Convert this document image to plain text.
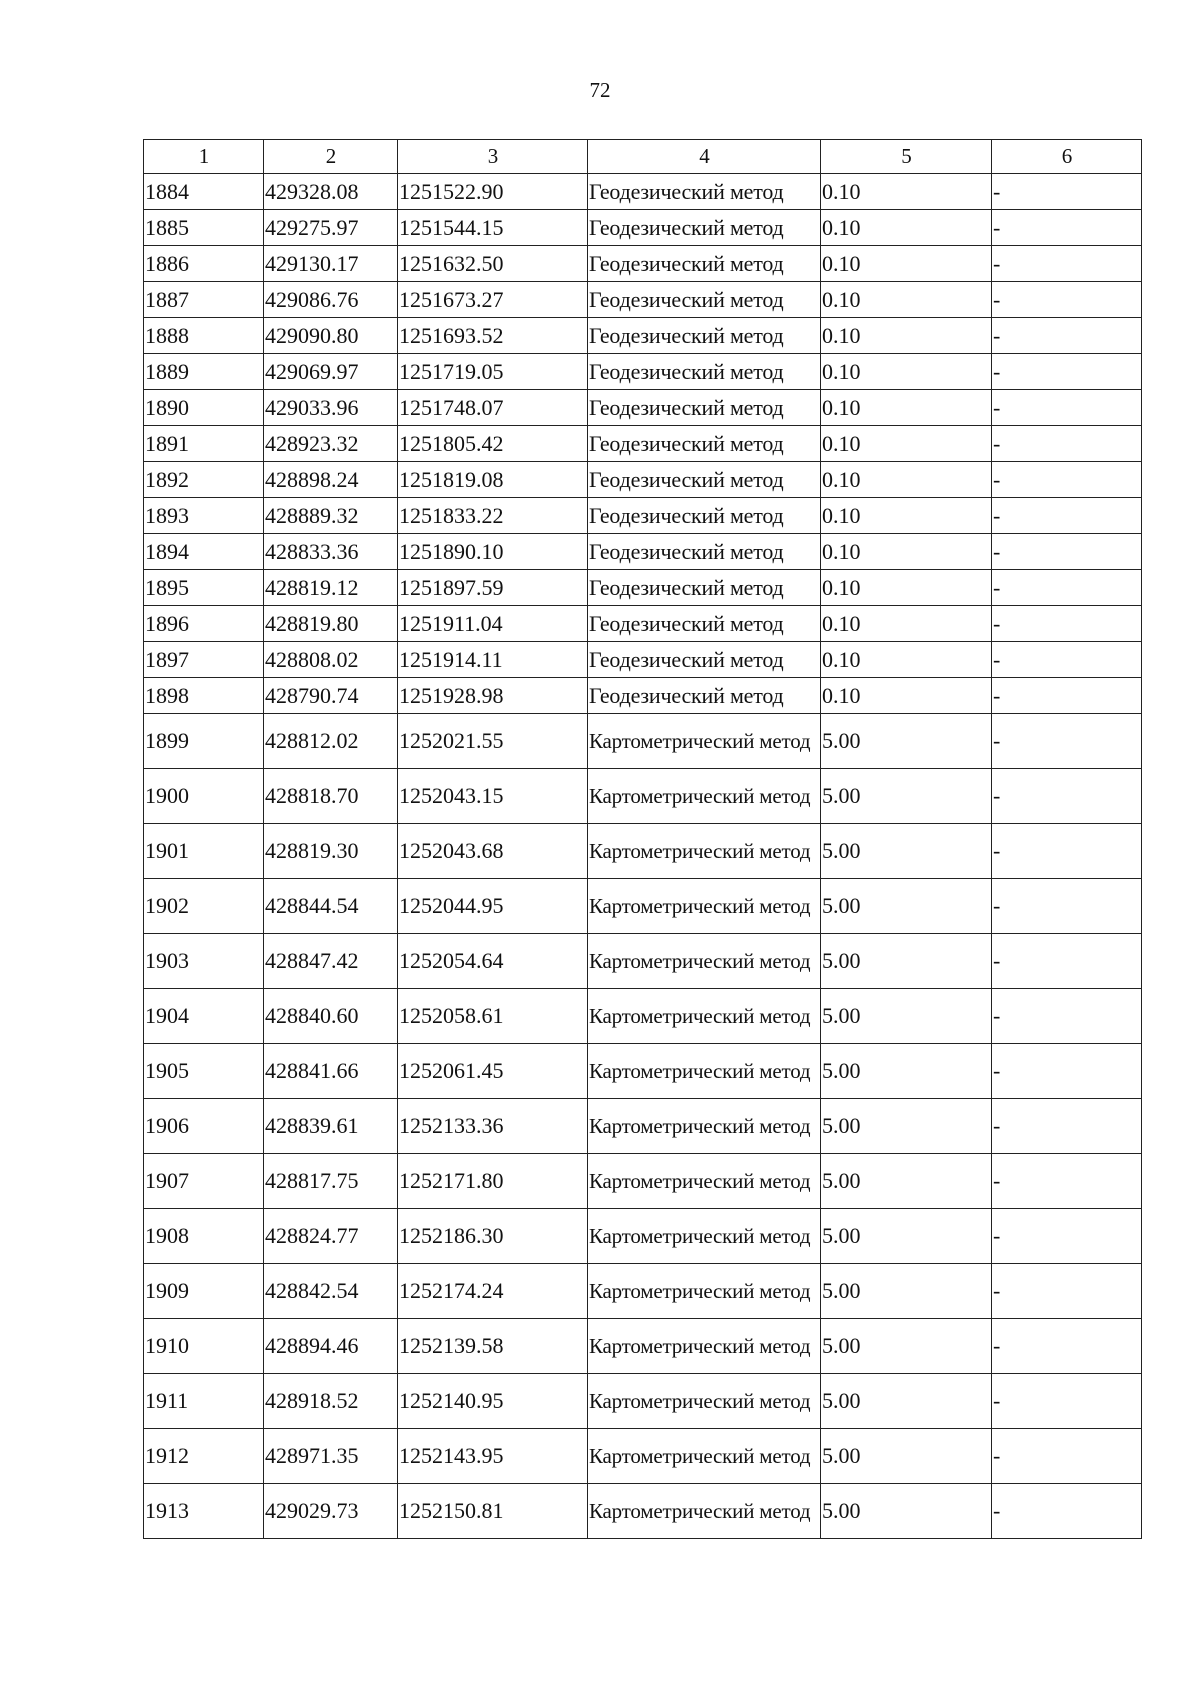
72
1	2	3	4	5	6
1884	429328.08	1251522.90	Геодезический метод	0.10	-
1885	429275.97	1251544.15	Геодезический метод	0.10	-
1886	429130.17	1251632.50	Геодезический метод	0.10	-
1887	429086.76	1251673.27	Геодезический метод	0.10	-
1888	429090.80	1251693.52	Геодезический метод	0.10	-
1889	429069.97	1251719.05	Геодезический метод	0.10	-
1890	429033.96	1251748.07	Геодезический метод	0.10	-
1891	428923.32	1251805.42	Геодезический метод	0.10	-
1892	428898.24	1251819.08	Геодезический метод	0.10	-
1893	428889.32	1251833.22	Геодезический метод	0.10	-
1894	428833.36	1251890.10	Геодезический метод	0.10	-
1895	428819.12	1251897.59	Геодезический метод	0.10	-
1896	428819.80	1251911.04	Геодезический метод	0.10	-
1897	428808.02	1251914.11	Геодезический метод	0.10	-
1898	428790.74	1251928.98	Геодезический метод	0.10	-
1899	428812.02	1252021.55	Картометрический метод	5.00	-
1900	428818.70	1252043.15	Картометрический метод	5.00	-
1901	428819.30	1252043.68	Картометрический метод	5.00	-
1902	428844.54	1252044.95	Картометрический метод	5.00	-
1903	428847.42	1252054.64	Картометрический метод	5.00	-
1904	428840.60	1252058.61	Картометрический метод	5.00	-
1905	428841.66	1252061.45	Картометрический метод	5.00	-
1906	428839.61	1252133.36	Картометрический метод	5.00	-
1907	428817.75	1252171.80	Картометрический метод	5.00	-
1908	428824.77	1252186.30	Картометрический метод	5.00	-
1909	428842.54	1252174.24	Картометрический метод	5.00	-
1910	428894.46	1252139.58	Картометрический метод	5.00	-
1911	428918.52	1252140.95	Картометрический метод	5.00	-
1912	428971.35	1252143.95	Картометрический метод	5.00	-
1913	429029.73	1252150.81	Картометрический метод	5.00	-
